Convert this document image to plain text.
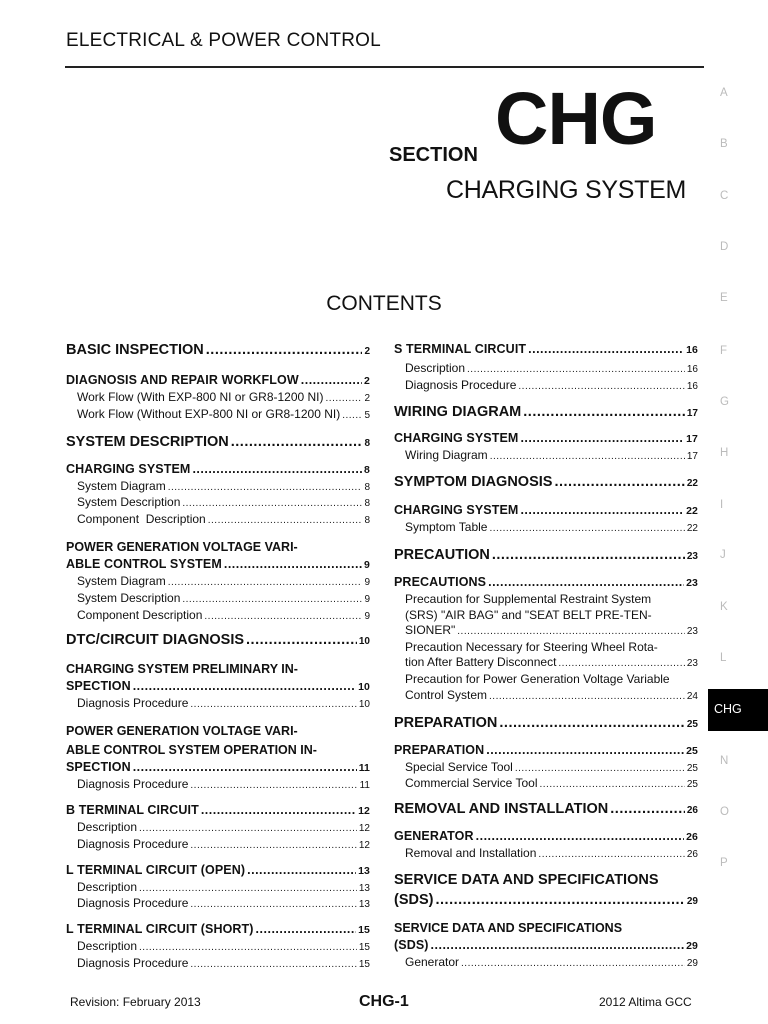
ELECTRICAL & POWER CONTROL
SECTION CHG
CHARGING SYSTEM
CONTENTS
BASIC INSPECTION .....	2
DIAGNOSIS AND REPAIR WORKFLOW .....	2
Work Flow (With EXP-800 NI or GR8-1200 NI) .....	2
Work Flow (Without EXP-800 NI or GR8-1200 NI) ..... 5
SYSTEM DESCRIPTION .....	8
CHARGING SYSTEM .....	8
System Diagram .....	8
System Description .....	8
Component  Description .....	8
POWER GENERATION VOLTAGE VARI-
ABLE CONTROL SYSTEM .....	9
System Diagram .....	9
System Description .....	9
Component Description .....	9
DTC/CIRCUIT DIAGNOSIS .....	10
CHARGING SYSTEM PRELIMINARY IN-
SPECTION .....	10
Diagnosis Procedure .....	10
POWER GENERATION VOLTAGE VARI-
ABLE CONTROL SYSTEM OPERATION IN-
SPECTION .....	11
Diagnosis Procedure .....	11
B TERMINAL CIRCUIT .....	12
Description .....	12
Diagnosis Procedure .....	12
L TERMINAL CIRCUIT (OPEN) .....	13
Description .....	13
Diagnosis Procedure .....	13
L TERMINAL CIRCUIT (SHORT) .....	15
Description .....	15
Diagnosis Procedure .....	15
S TERMINAL CIRCUIT .....	16
Description .....	16
Diagnosis Procedure .....	16
WIRING DIAGRAM .....	17
CHARGING SYSTEM .....	17
Wiring Diagram .....	17
SYMPTOM DIAGNOSIS .....	22
CHARGING SYSTEM .....	22
Symptom Table .....	22
PRECAUTION .....	23
PRECAUTIONS .....	23
Precaution for Supplemental Restraint System
(SRS) "AIR BAG" and "SEAT BELT PRE-TEN-
SIONER" .....	23
Precaution Necessary for Steering Wheel Rota-
tion After Battery Disconnect .....	23
Precaution for Power Generation Voltage Variable
Control System .....	24
PREPARATION .....	25
PREPARATION .....	25
Special Service Tool .....	25
Commercial Service Tool .....	25
REMOVAL AND INSTALLATION .....	26
GENERATOR .....	26
Removal and Installation .....	26
SERVICE DATA AND SPECIFICATIONS
(SDS) .....	29
SERVICE DATA AND SPECIFICATIONS
(SDS) .....	29
Generator .....	29
A
B
C
D
E
F
G
H
I
J
K
L
N
O
P
CHG
Revision: February 2013	CHG-1	2012 Altima GCC
